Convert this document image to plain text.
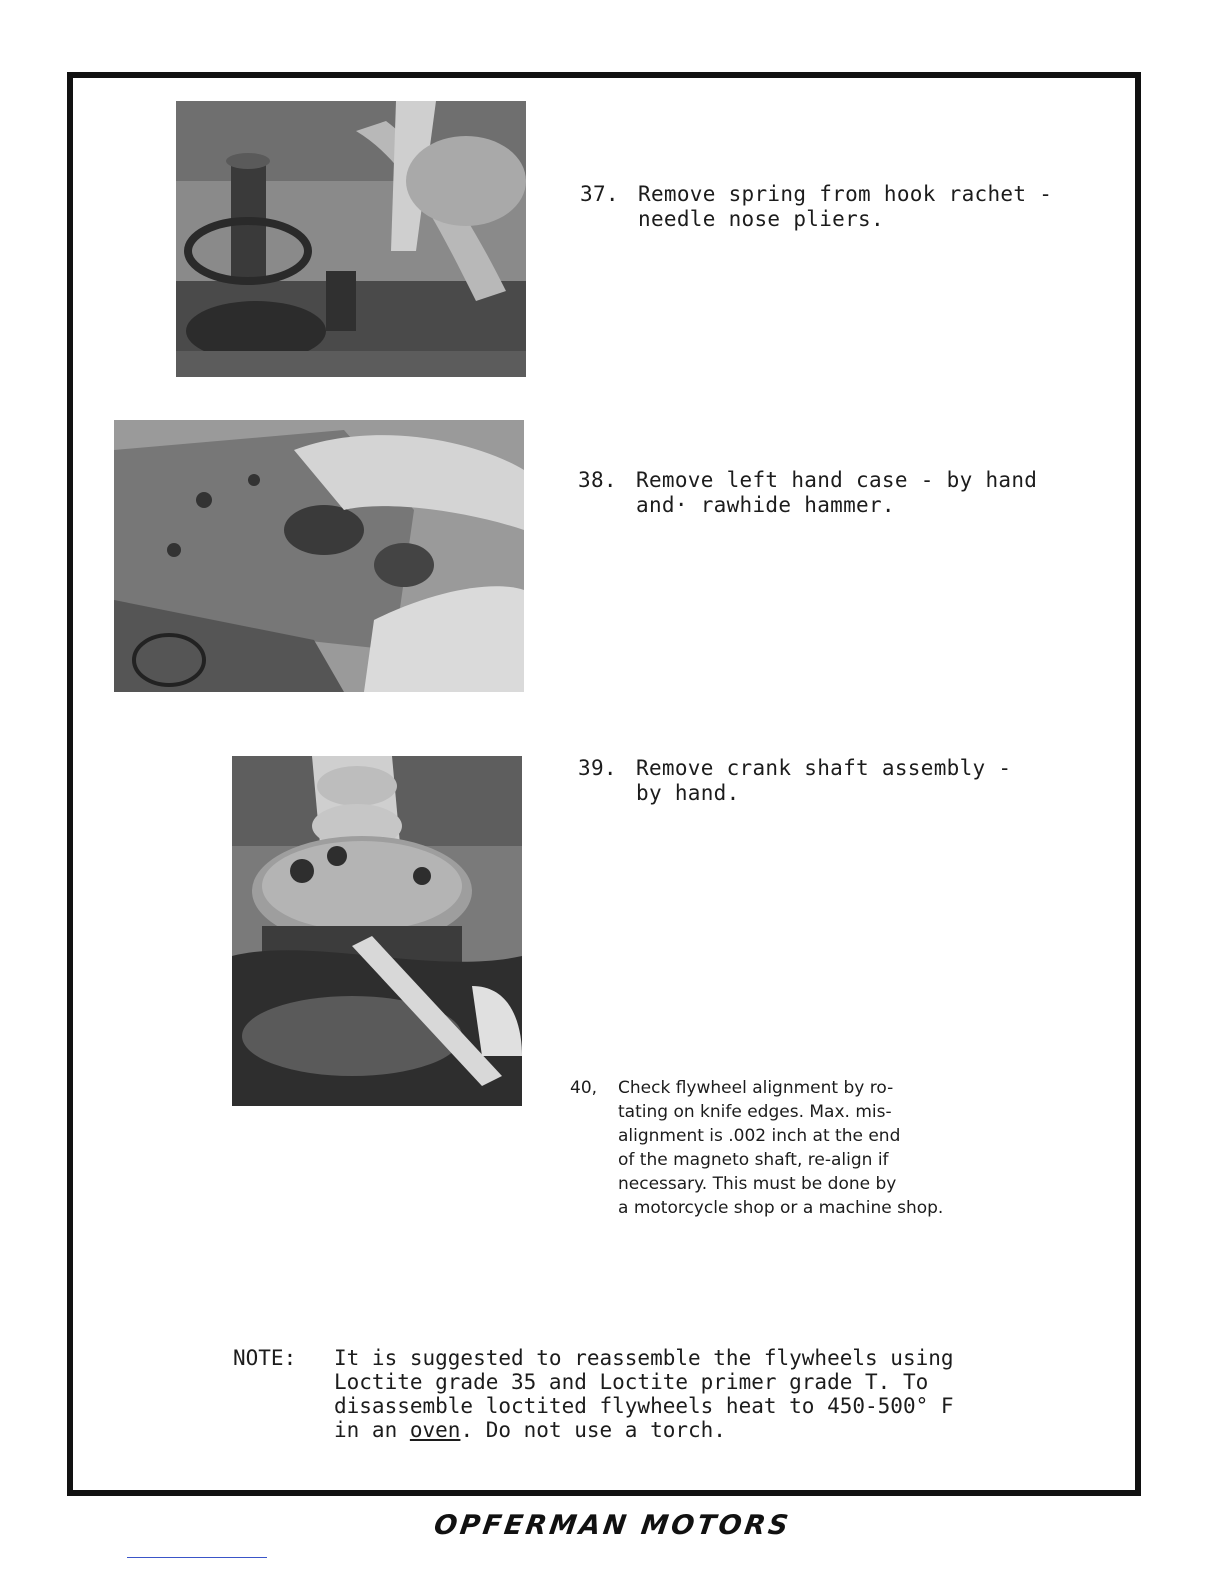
37. Remove spring from hook rachet -
needle nose pliers.
38. Remove left hand case - by hand
and· rawhide hammer.
39. Remove crank shaft assembly -
by hand.
40, Check flywheel alignment by ro-
tating on knife edges. Max. mis-
alignment is .002 inch at the end
of the magneto shaft, re-align if
necessary. This must be done by
a motorcycle shop or a machine shop.
NOTE:	It is suggested to reassemble the flywheels using
Loctite grade 35 and Loctite primer grade T. To
disassemble loctited flywheels heat to 450-500° F
in an oven. Do not use a torch.
OPFERMAN MOTORS
